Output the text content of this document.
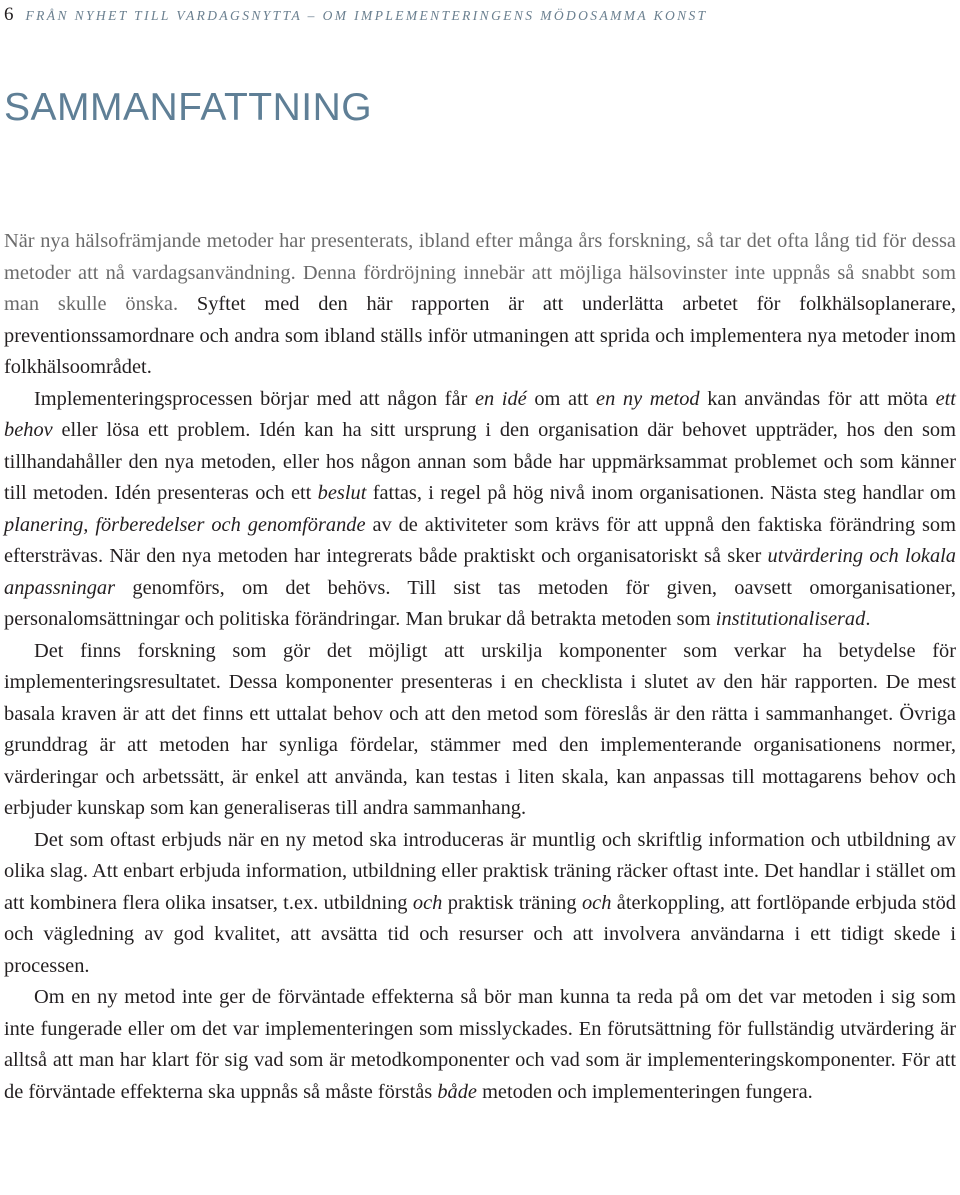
6 FRÅN NYHET TILL VARDAGSNYTTA – OM IMPLEMENTERINGENS MÖDOSAMMA KONST
SAMMANFATTNING

När nya hälsofrämjande metoder har presenterats, ibland efter många års forskning, så tar det ofta lång tid för dessa metoder att nå vardagsanvändning. Denna fördröjning innebär att möjliga hälsovinster inte uppnås så snabbt som man skulle önska. Syftet med den här rapporten är att underlätta arbetet för folkhälsoplanerare, preventionssamordnare och andra som ibland ställs inför utmaningen att sprida och implementera nya metoder inom folkhälsoområdet.

Implementeringsprocessen börjar med att någon får en idé om att en ny metod kan användas för att möta ett behov eller lösa ett problem. Idén kan ha sitt ursprung i den organisation där behovet uppträder, hos den som tillhandahåller den nya metoden, eller hos någon annan som både har uppmärksammat problemet och som känner till metoden. Idén presenteras och ett beslut fattas, i regel på hög nivå inom organisationen. Nästa steg handlar om planering, förberedelser och genomförande av de aktiviteter som krävs för att uppnå den faktiska förändring som eftersträvas. När den nya metoden har integrerats både praktiskt och organisatoriskt så sker utvärdering och lokala anpassningar genomförs, om det behövs. Till sist tas metoden för given, oavsett omorganisationer, personalomsättningar och politiska förändringar. Man brukar då betrakta metoden som institutionaliserad.

Det finns forskning som gör det möjligt att urskilja komponenter som verkar ha betydelse för implementeringsresultatet. Dessa komponenter presenteras i en checklista i slutet av den här rapporten. De mest basala kraven är att det finns ett uttalat behov och att den metod som föreslås är den rätta i sammanhanget. Övriga grunddrag är att metoden har synliga fördelar, stämmer med den implementerande organisationens normer, värderingar och arbetssätt, är enkel att använda, kan testas i liten skala, kan anpassas till mottagarens behov och erbjuder kunskap som kan generaliseras till andra sammanhang.

Det som oftast erbjuds när en ny metod ska introduceras är muntlig och skriftlig information och utbildning av olika slag. Att enbart erbjuda information, utbildning eller praktisk träning räcker oftast inte. Det handlar i stället om att kombinera flera olika insatser, t.ex. utbildning och praktisk träning och återkoppling, att fortlöpande erbjuda stöd och vägledning av god kvalitet, att avsätta tid och resurser och att involvera användarna i ett tidigt skede i processen.

Om en ny metod inte ger de förväntade effekterna så bör man kunna ta reda på om det var metoden i sig som inte fungerade eller om det var implementeringen som misslyckades. En förutsättning för fullständig utvärdering är alltså att man har klart för sig vad som är metodkomponenter och vad som är implementeringskomponenter. För att de förväntade effekterna ska uppnås så måste förstås både metoden och implementeringen fungera.
